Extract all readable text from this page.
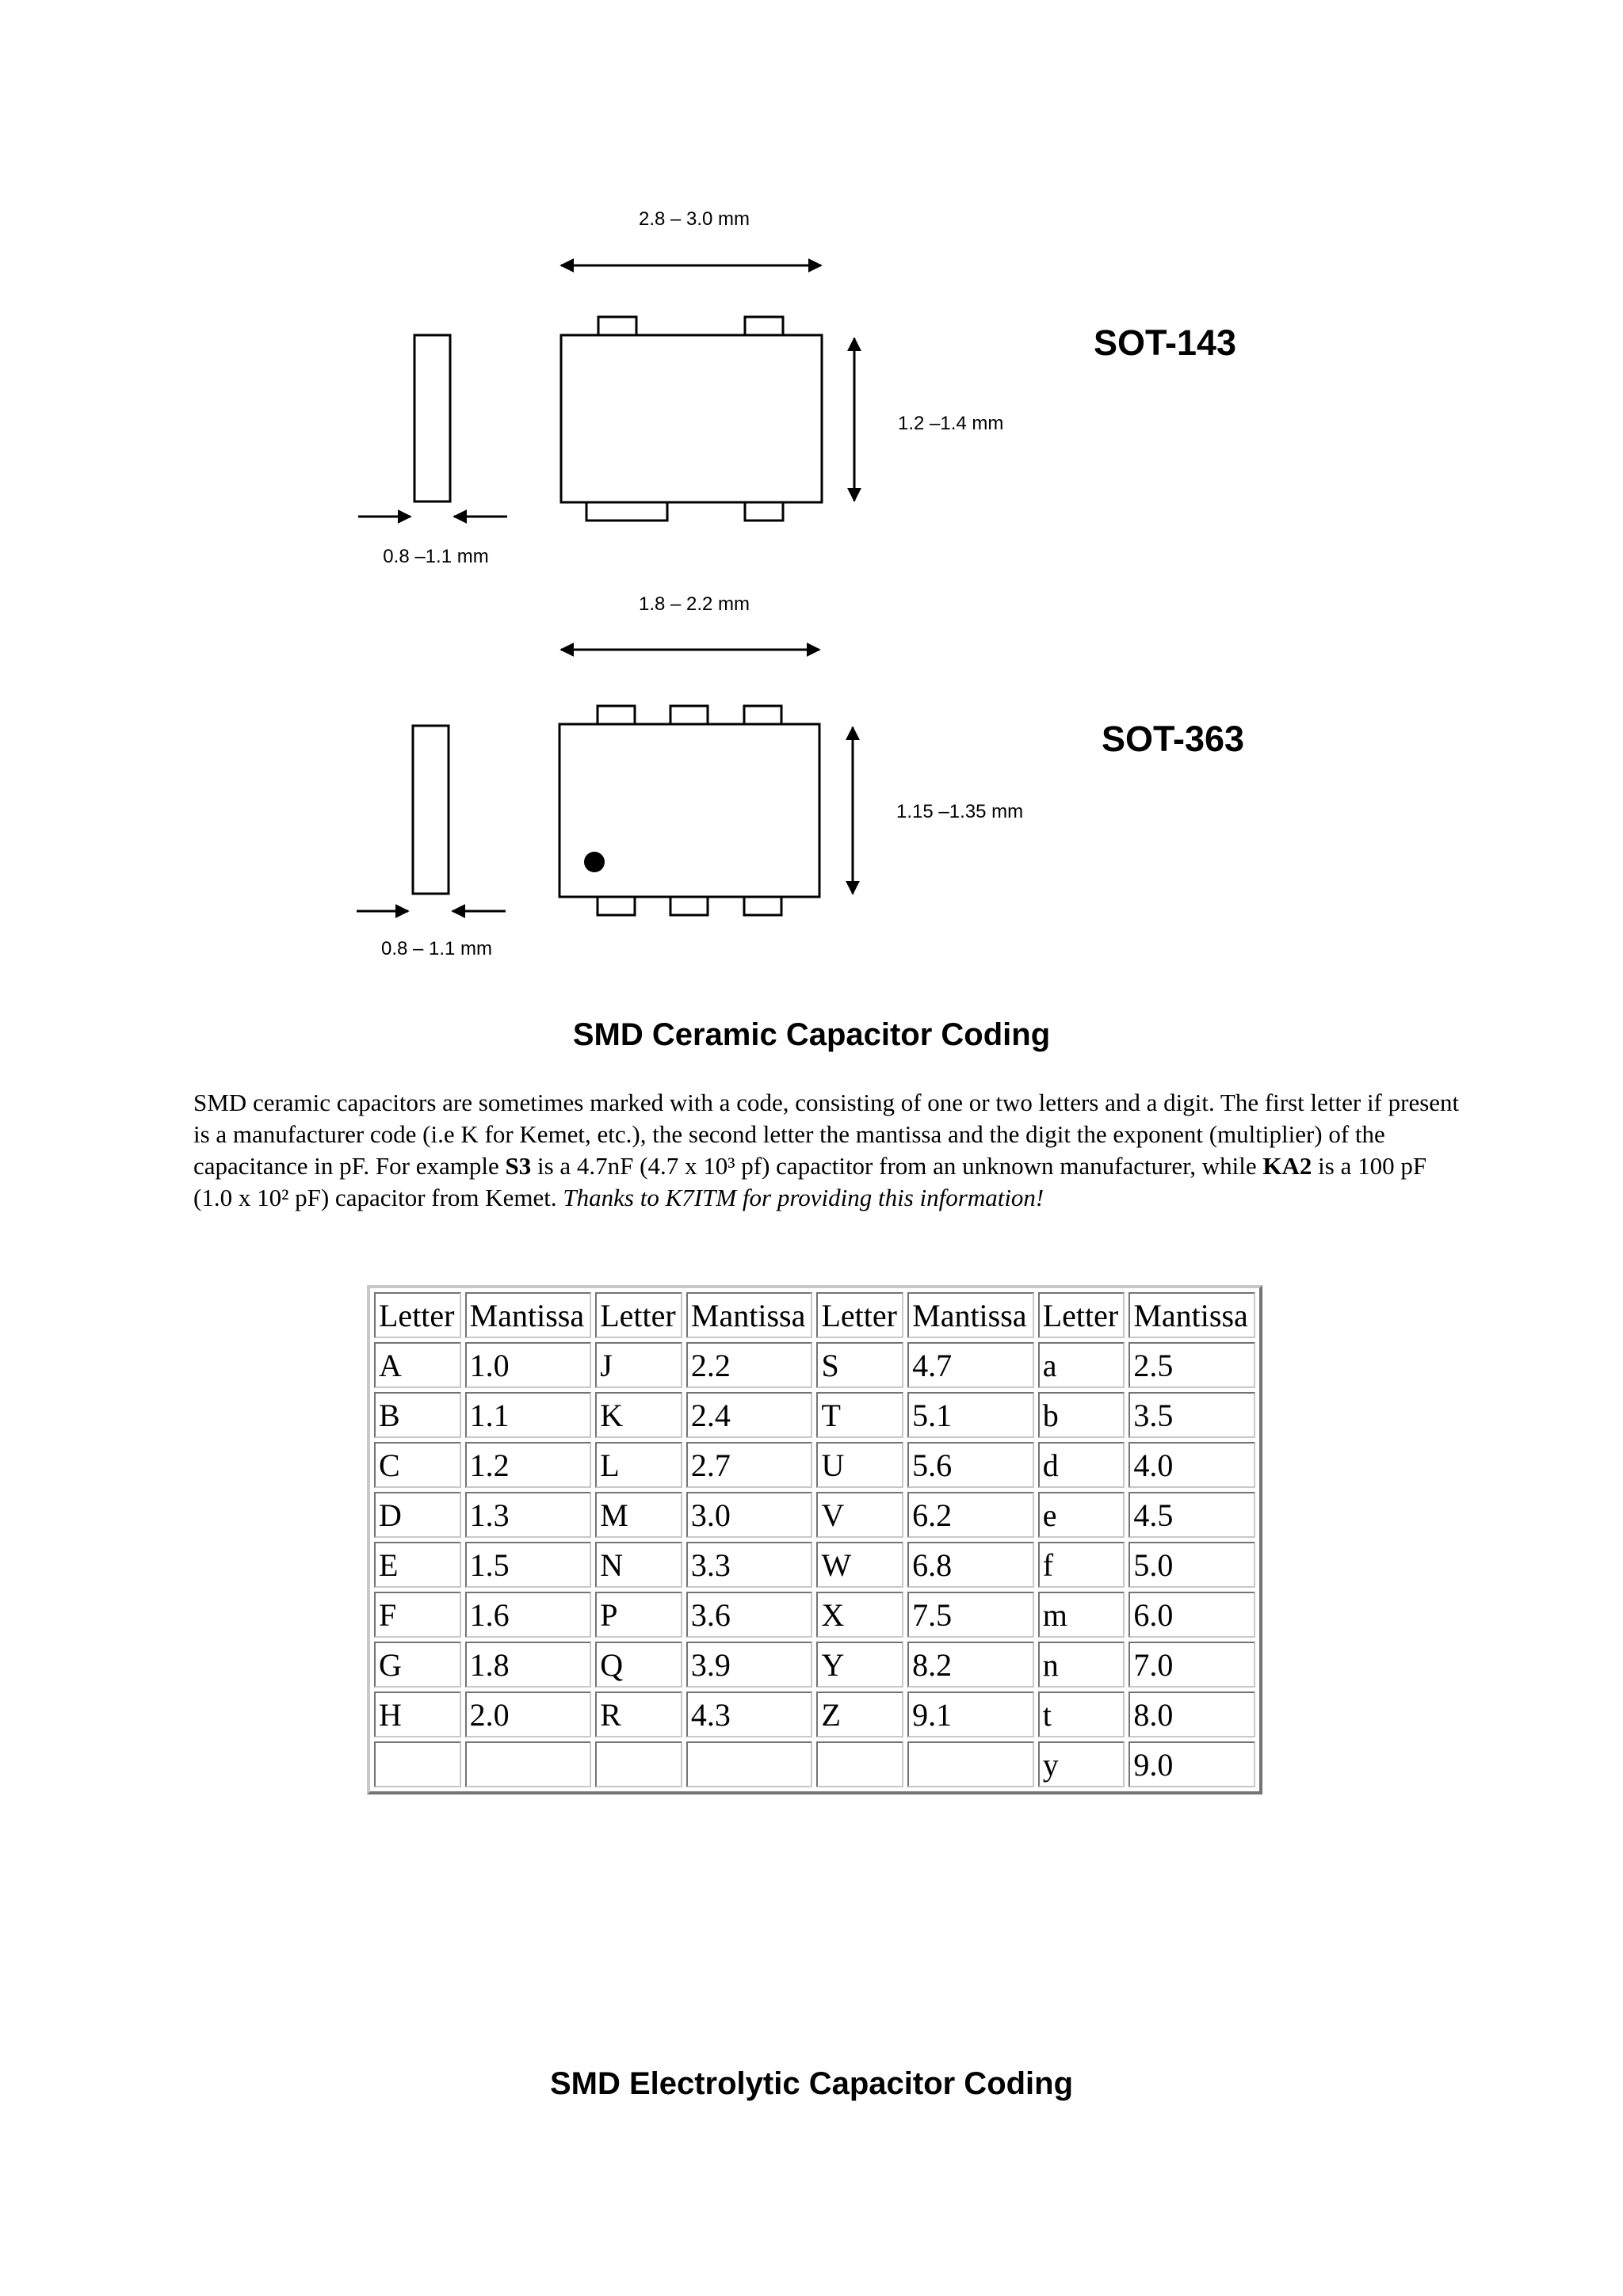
2.8 – 3.0 mm
1.2 –1.4 mm
SOT-143
0.8 –1.1 mm
1.8 – 2.2 mm
1.15 –1.35 mm
SOT-363
0.8 – 1.1 mm
SMD Ceramic Capacitor Coding

SMD ceramic capacitors are sometimes marked with a code, consisting of one or two letters and a digit. The first letter if present is a manufacturer code (i.e K for Kemet, etc.), the second letter the mantissa and the digit the exponent (multiplier) of the capacitance in pF. For example S3 is a 4.7nF (4.7 x 10³ pf) capactitor from an unknown manufacturer, while KA2 is a 100 pF (1.0 x 10² pF) capacitor from Kemet. Thanks to K7ITM for providing this information!

Letter	Mantissa	Letter	Mantissa	Letter	Mantissa	Letter	Mantissa
A	1.0	J	2.2	S	4.7	a	2.5
B	1.1	K	2.4	T	5.1	b	3.5
C	1.2	L	2.7	U	5.6	d	4.0
D	1.3	M	3.0	V	6.2	e	4.5
E	1.5	N	3.3	W	6.8	f	5.0
F	1.6	P	3.6	X	7.5	m	6.0
G	1.8	Q	3.9	Y	8.2	n	7.0
H	2.0	R	4.3	Z	9.1	t	8.0
						y	9.0
SMD Electrolytic Capacitor Coding
